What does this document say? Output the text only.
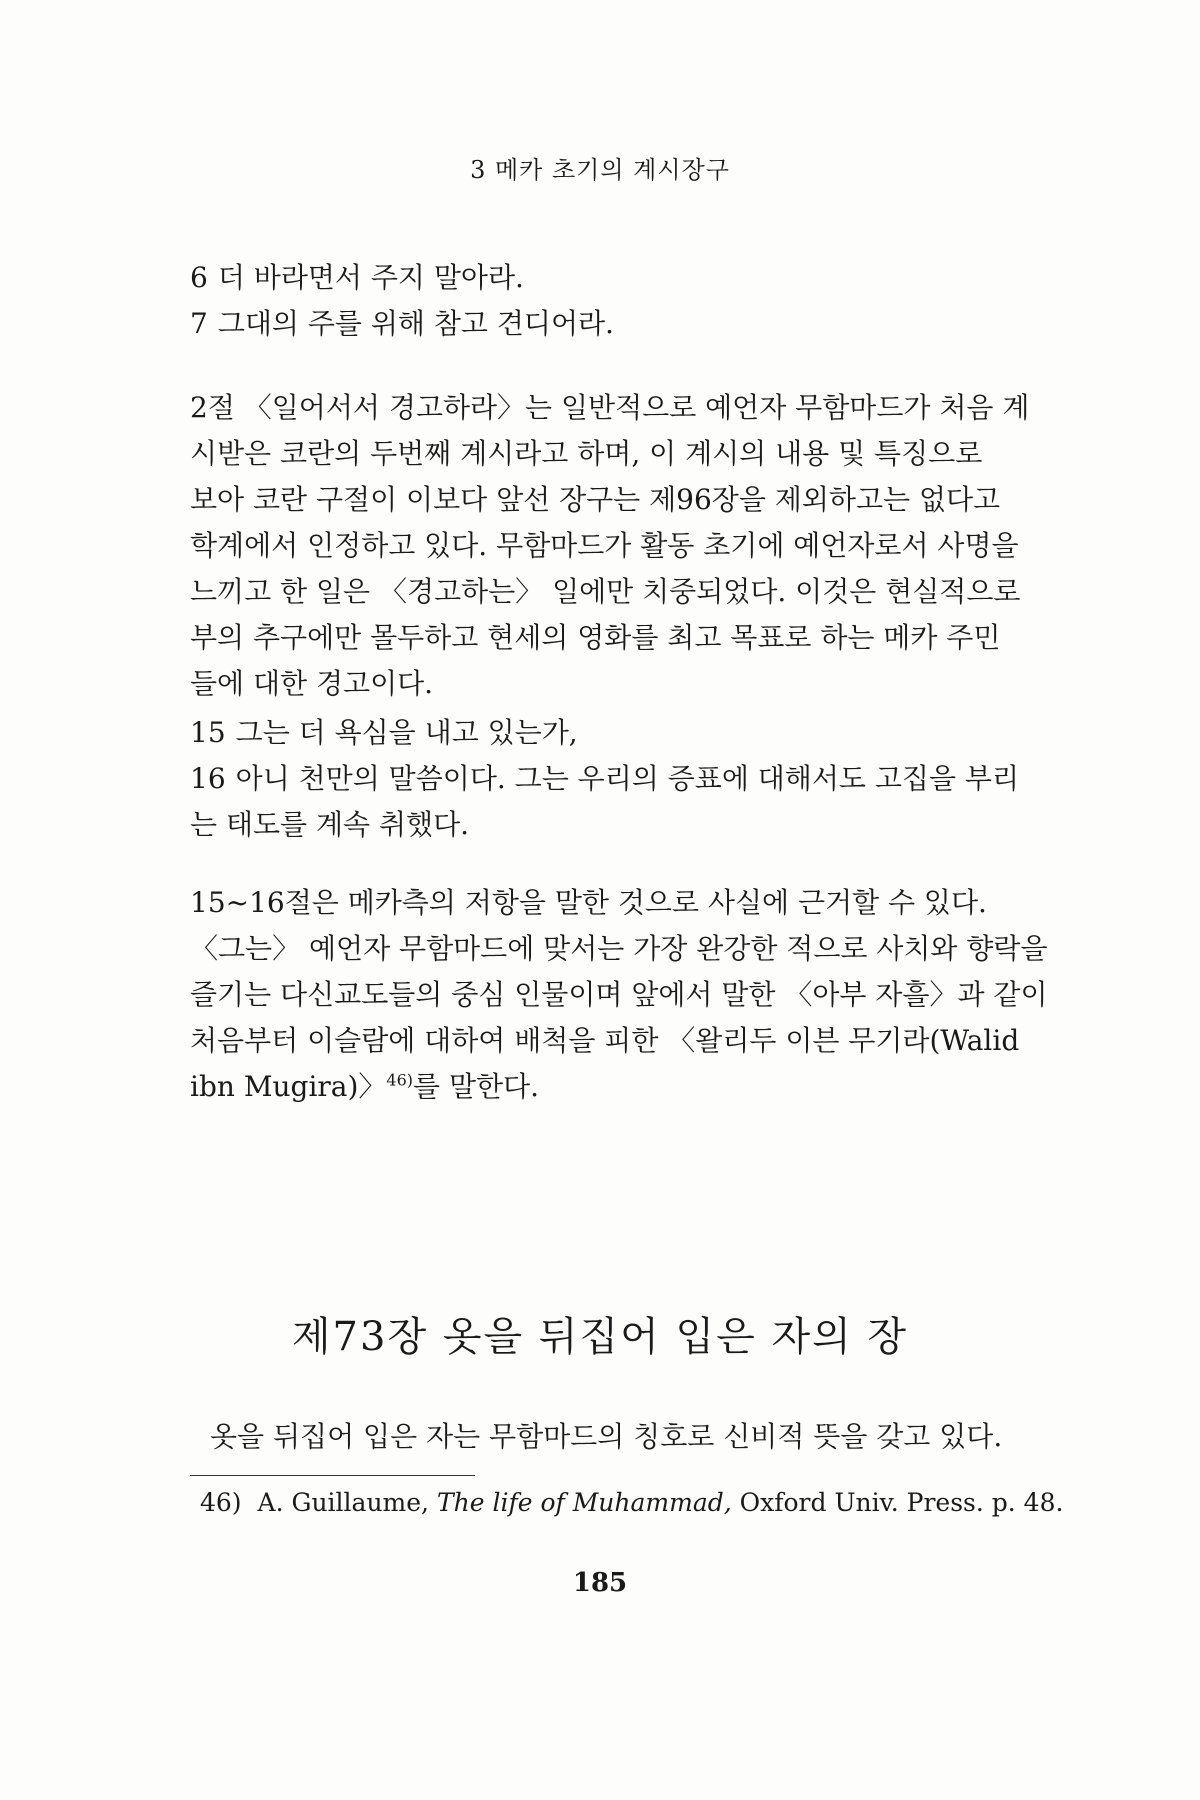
3 메카 초기의 계시장구

6 더 바라면서 주지 말아라.

7 그대의 주를 위해 참고 견디어라.

2절 〈일어서서 경고하라〉는 일반적으로 예언자 무함마드가 처음 계
시받은 코란의 두번째 계시라고 하며, 이 계시의 내용 및 특징으로
보아 코란 구절이 이보다 앞선 장구는 제96장을 제외하고는 없다고
학계에서 인정하고 있다. 무함마드가 활동 초기에 예언자로서 사명을
느끼고 한 일은 〈경고하는〉 일에만 치중되었다. 이것은 현실적으로
부의 추구에만 몰두하고 현세의 영화를 최고 목표로 하는 메카 주민
들에 대한 경고이다.

15 그는 더 욕심을 내고 있는가,

16 아니 천만의 말씀이다. 그는 우리의 증표에 대해서도 고집을 부리

는 태도를 계속 취했다.

15~16절은 메카측의 저항을 말한 것으로 사실에 근거할 수 있다.
〈그는〉 예언자 무함마드에 맞서는 가장 완강한 적으로 사치와 향락을
즐기는 다신교도들의 중심 인물이며 앞에서 말한 〈아부 자흘〉과 같이
처음부터 이슬람에 대하여 배척을 피한 〈왈리두 이븐 무기라(Walid
ibn Mugira)〉$^{46)}$를 말한다.

제73장 옷을 뒤집어 입은 자의 장
옷을 뒤집어 입은 자는 무함마드의 칭호로 신비적 뜻을 갖고 있다.
46) A. Guillaume, The life of Muhammad, Oxford Univ. Press. p. 48.
185
